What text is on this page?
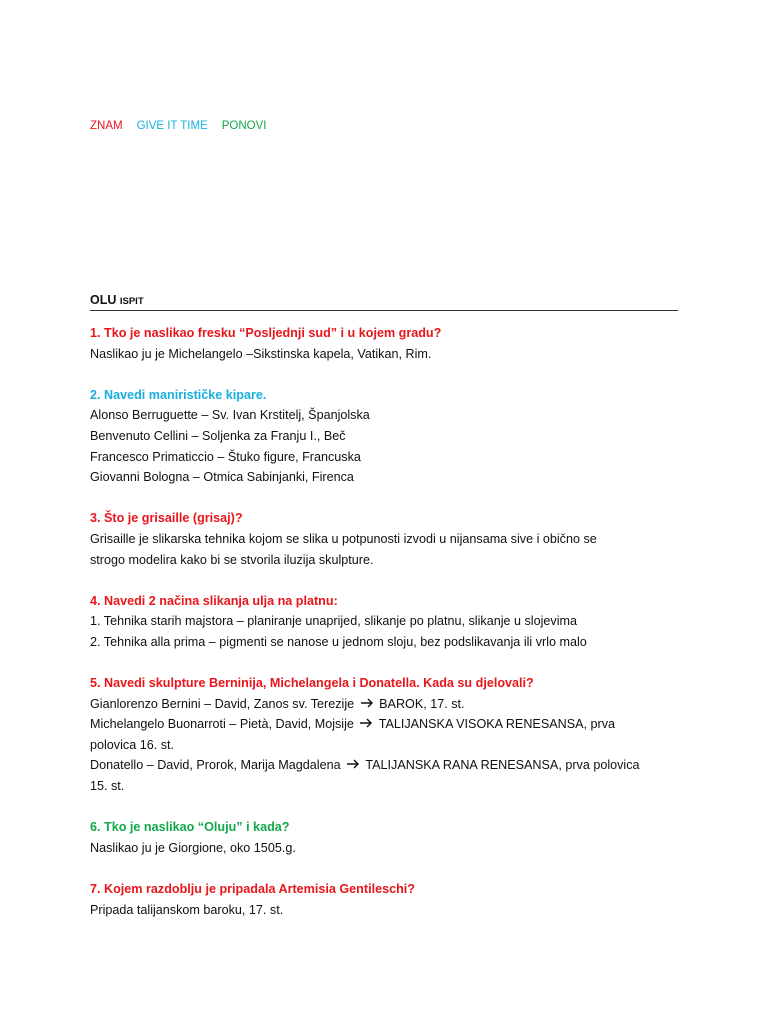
ZNAM GIVE IT TIME PONOVI
OLU ISPIT

1. Tko je naslikao fresku “Posljednji sud” i u kojem gradu?

Naslikao ju je Michelangelo –Sikstinska kapela, Vatikan, Rim.

2. Navedi manirističke kipare.

Alonso Berruguette – Sv. Ivan Krstitelj, Španjolska

Benvenuto Cellini – Soljenka za Franju I., Beč

Francesco Primaticcio – Štuko figure, Francuska

Giovanni Bologna – Otmica Sabinjanki, Firenca

3. Što je grisaille (grisaj)?

Grisaille je slikarska tehnika kojom se slika u potpunosti izvodi u nijansama sive i obično se

strogo modelira kako bi se stvorila iluzija skulpture.

4. Navedi 2 načina slikanja ulja na platnu:

1. Tehnika starih majstora – planiranje unaprijed, slikanje po platnu, slikanje u slojevima

2. Tehnika alla prima – pigmenti se nanose u jednom sloju, bez podslikavanja ili vrlo malo

5. Navedi skulpture Berninija, Michelangela i Donatella. Kada su djelovali?

Gianlorenzo Bernini – David, Zanos sv. Terezije BAROK, 17. st.

Michelangelo Buonarroti – Pietà, David, Mojsije TALIJANSKA VISOKA RENESANSA, prva

polovica 16. st.

Donatello – David, Prorok, Marija Magdalena TALIJANSKA RANA RENESANSA, prva polovica

15. st.

6. Tko je naslikao “Oluju” i kada?

Naslikao ju je Giorgione, oko 1505.g.

7. Kojem razdoblju je pripadala Artemisia Gentileschi?

Pripada talijanskom baroku, 17. st.
